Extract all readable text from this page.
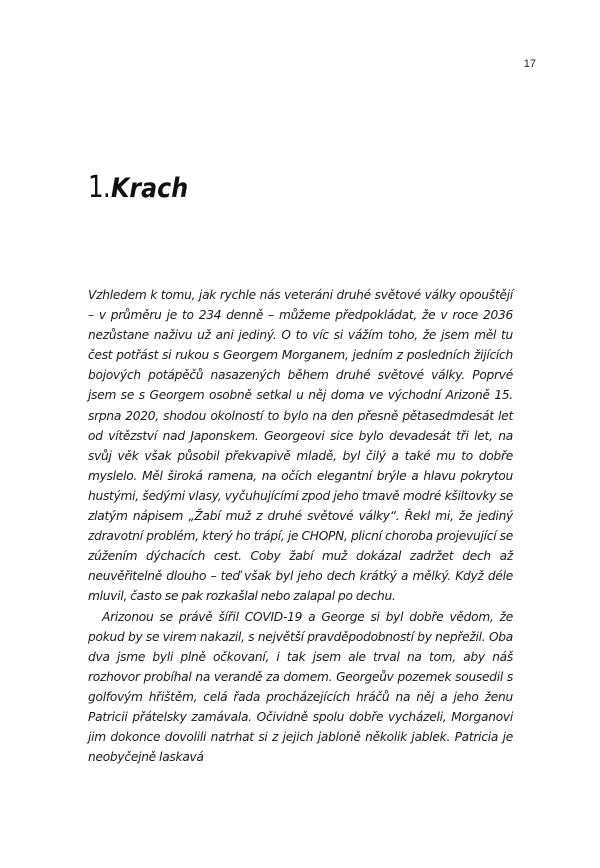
17
1. Krach

Vzhledem k tomu, jak rychle nás veteráni druhé světové války opouštějí – v průměru je to 234 denně – můžeme předpokládat, že v roce 2036 nezůstane naživu už ani jediný. O to víc si vážím toho, že jsem měl tu čest potřást si rukou s Georgem Morganem, jedním z posledních žijících bojových potápěčů nasazených během druhé světové války. Poprvé jsem se s Georgem osobně setkal u něj doma ve východní Arizoně 15. srpna 2020, shodou okolností to bylo na den přesně pětasedmdesát let od vítězství nad Japonskem. Georgeovi sice bylo devadesát tři let, na svůj věk však působil překvapivě mladě, byl čilý a také mu to dobře myslelo. Měl široká ramena, na očích elegantní brýle a hlavu pokrytou hustými, šedými vlasy, vyčuhujícími zpod jeho tmavě modré kšiltovky se zlatým nápisem „Žabí muž z druhé světové války“. Řekl mi, že jediný zdravotní problém, který ho trápí, je CHOPN, plicní choroba projevující se zúžením dýchacích cest. Coby žabí muž dokázal zadržet dech až neuvěřitelně dlouho – teď však byl jeho dech krátký a mělký. Když déle mluvil, často se pak rozkašlal nebo zalapal po dechu.

Arizonou se právě šířil COVID-19 a George si byl dobře vědom, že pokud by se virem nakazil, s největší pravděpodobností by nepřežil. Oba dva jsme byli plně očkovaní, i tak jsem ale trval na tom, aby náš rozhovor probíhal na verandě za domem. Georgeův pozemek sousedil s golfovým hřištěm, celá řada procházejících hráčů na něj a jeho ženu Patricii přátelsky zamávala. Očividně spolu dobře vycházeli, Morganovi jim dokonce dovolili natrhat si z jejich jabloně několik jablek. Patricia je neobyčejně laskavá
